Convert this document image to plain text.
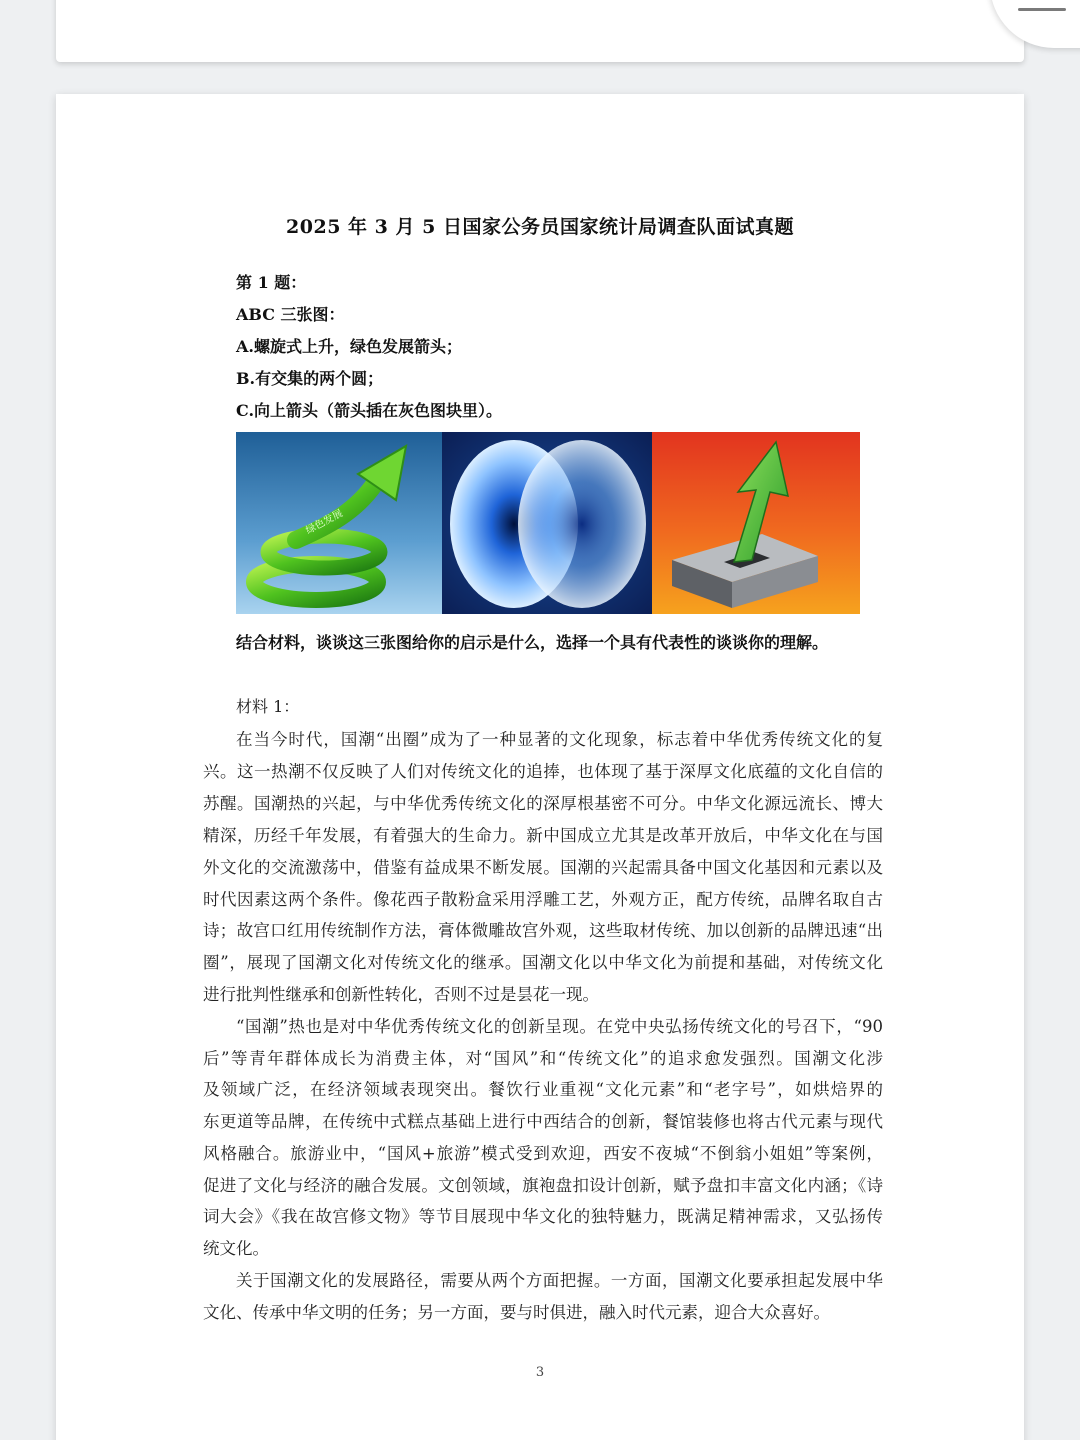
2025 年 3 月 5 日国家公务员国家统计局调查队面试真题
第 1 题：
ABC 三张图：
A.螺旋式上升，绿色发展箭头；
B.有交集的两个圆；
C.向上箭头（箭头插在灰色图块里）。
绿色发展
结合材料，谈谈这三张图给你的启示是什么，选择一个具有代表性的谈谈你的理解。
材料 1：
在当今时代，国潮“出圈”成为了一种显著的文化现象，标志着中华优秀传统文化的复
兴。这一热潮不仅反映了人们对传统文化的追捧，也体现了基于深厚文化底蕴的文化自信的
苏醒。国潮热的兴起，与中华优秀传统文化的深厚根基密不可分。中华文化源远流长、博大
精深，历经千年发展，有着强大的生命力。新中国成立尤其是改革开放后，中华文化在与国
外文化的交流激荡中，借鉴有益成果不断发展。国潮的兴起需具备中国文化基因和元素以及
时代因素这两个条件。像花西子散粉盒采用浮雕工艺，外观方正，配方传统，品牌名取自古
诗；故宫口红用传统制作方法，膏体微雕故宫外观，这些取材传统、加以创新的品牌迅速“出
圈”，展现了国潮文化对传统文化的继承。国潮文化以中华文化为前提和基础，对传统文化
进行批判性继承和创新性转化，否则不过是昙花一现。
“国潮”热也是对中华优秀传统文化的创新呈现。在党中央弘扬传统文化的号召下，“90
后”等青年群体成长为消费主体，对“国风”和“传统文化”的追求愈发强烈。国潮文化涉
及领域广泛，在经济领域表现突出。餐饮行业重视“文化元素”和“老字号”，如烘焙界的
东更道等品牌，在传统中式糕点基础上进行中西结合的创新，餐馆装修也将古代元素与现代
风格融合。旅游业中，“国风+旅游”模式受到欢迎，西安不夜城“不倒翁小姐姐”等案例，
促进了文化与经济的融合发展。文创领域，旗袍盘扣设计创新，赋予盘扣丰富文化内涵；《诗
词大会》《我在故宫修文物》等节目展现中华文化的独特魅力，既满足精神需求，又弘扬传
统文化。
关于国潮文化的发展路径，需要从两个方面把握。一方面，国潮文化要承担起发展中华
文化、传承中华文明的任务；另一方面，要与时俱进，融入时代元素，迎合大众喜好。
3
